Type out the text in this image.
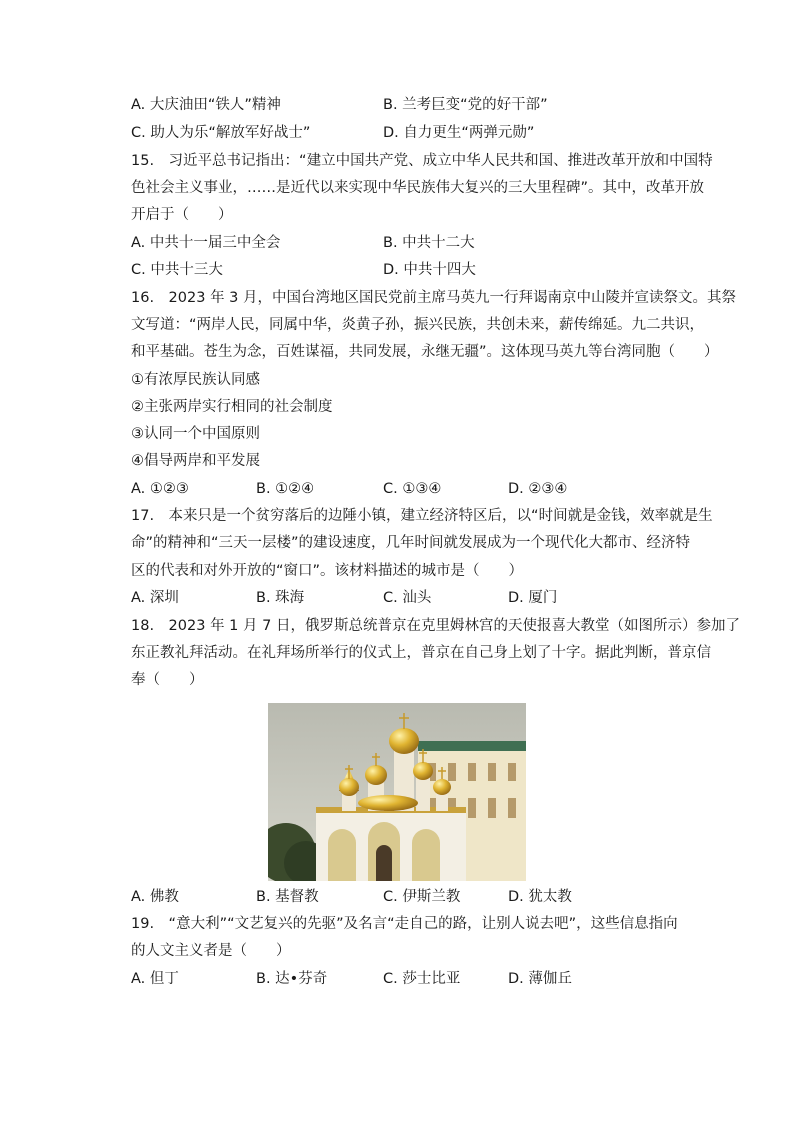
A. 大庆油田“铁人”精神	B. 兰考巨变“党的好干部”
C. 助人为乐“解放军好战士”	D. 自力更生“两弹元勋”
15.　习近平总书记指出：“建立中国共产党、成立中华人民共和国、推进改革开放和中国特
色社会主义事业，……是近代以来实现中华民族伟大复兴的三大里程碑”。其中，改革开放
开启于（　　）
A. 中共十一届三中全会	B. 中共十二大
C. 中共十三大	D. 中共十四大
16.　2023 年 3 月，中国台湾地区国民党前主席马英九一行拜谒南京中山陵并宣读祭文。其祭
文写道：“两岸人民，同属中华，炎黄子孙，振兴民族，共创未来，薪传绵延。九二共识，
和平基础。苍生为念，百姓谋福，共同发展，永继无疆”。这体现马英九等台湾同胞（　　）
①有浓厚民族认同感
②主张两岸实行相同的社会制度
③认同一个中国原则
④倡导两岸和平发展
A. ①②③	B. ①②④	C. ①③④	D. ②③④
17.　本来只是一个贫穷落后的边陲小镇，建立经济特区后，以“时间就是金钱，效率就是生
命”的精神和“三天一层楼”的建设速度，几年时间就发展成为一个现代化大都市、经济特
区的代表和对外开放的“窗口”。该材料描述的城市是（　　）
A. 深圳	B. 珠海	C. 汕头	D. 厦门
18.　2023 年 1 月 7 日，俄罗斯总统普京在克里姆林宫的天使报喜大教堂（如图所示）参加了
东正教礼拜活动。在礼拜场所举行的仪式上，普京在自己身上划了十字。据此判断，普京信
奉（　　）
A. 佛教	B. 基督教	C. 伊斯兰教	D. 犹太教
19.　“意大利”“文艺复兴的先驱”及名言“走自己的路，让别人说去吧”，这些信息指向
的人文主义者是（　　）
A. 但丁	B. 达•芬奇	C. 莎士比亚	D. 薄伽丘
